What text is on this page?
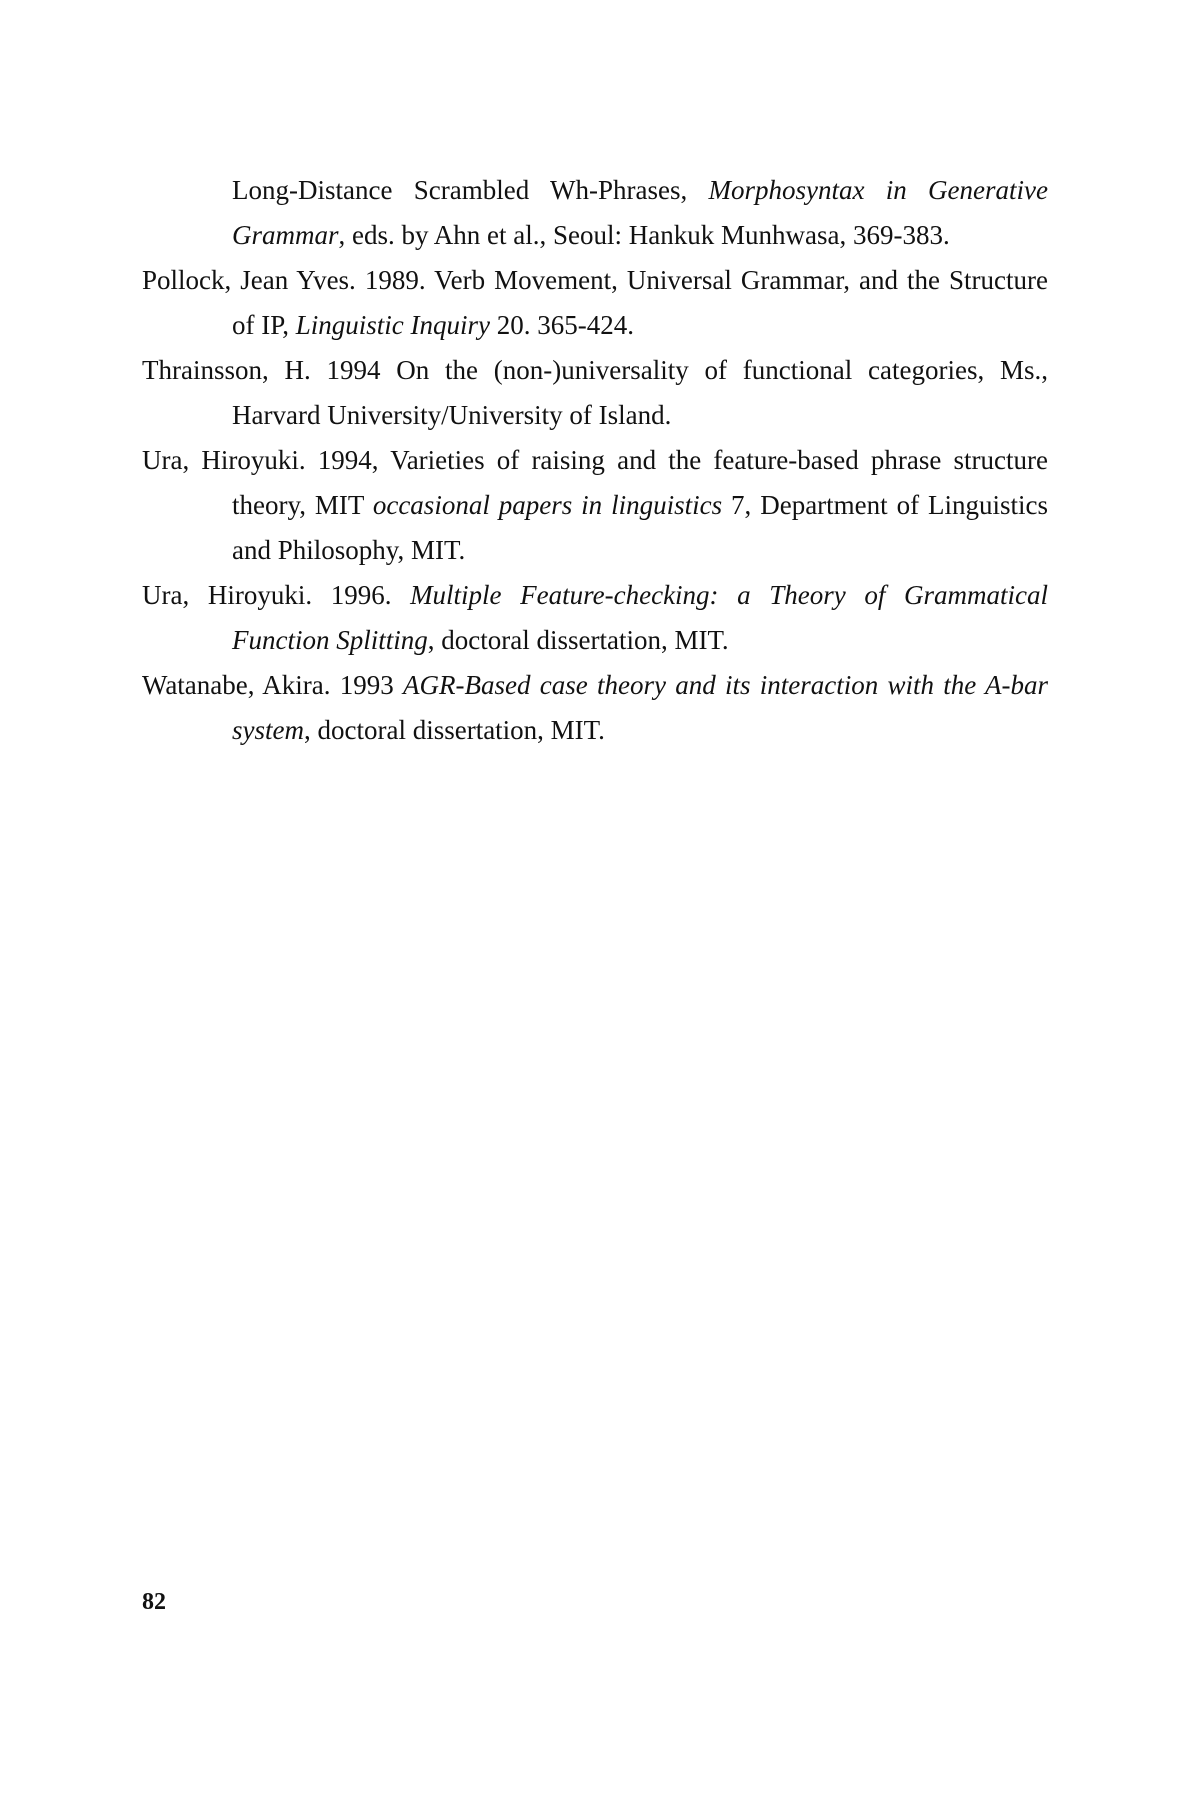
Long-Distance Scrambled Wh-Phrases, Morphosyntax in Generative Grammar, eds. by Ahn et al., Seoul: Hankuk Munhwasa, 369-383.

Pollock, Jean Yves. 1989. Verb Movement, Universal Grammar, and the Structure of IP, Linguistic Inquiry 20. 365-424.

Thrainsson, H. 1994 On the (non-)universality of functional categories, Ms., Harvard University/University of Island.

Ura, Hiroyuki. 1994, Varieties of raising and the feature-based phrase structure theory, MIT occasional papers in linguistics 7, Department of Linguistics and Philosophy, MIT.

Ura, Hiroyuki. 1996. Multiple Feature-checking: a Theory of Grammatical Function Splitting, doctoral dissertation, MIT.

Watanabe, Akira. 1993 AGR-Based case theory and its interaction with the A-bar system, doctoral dissertation, MIT.

82
